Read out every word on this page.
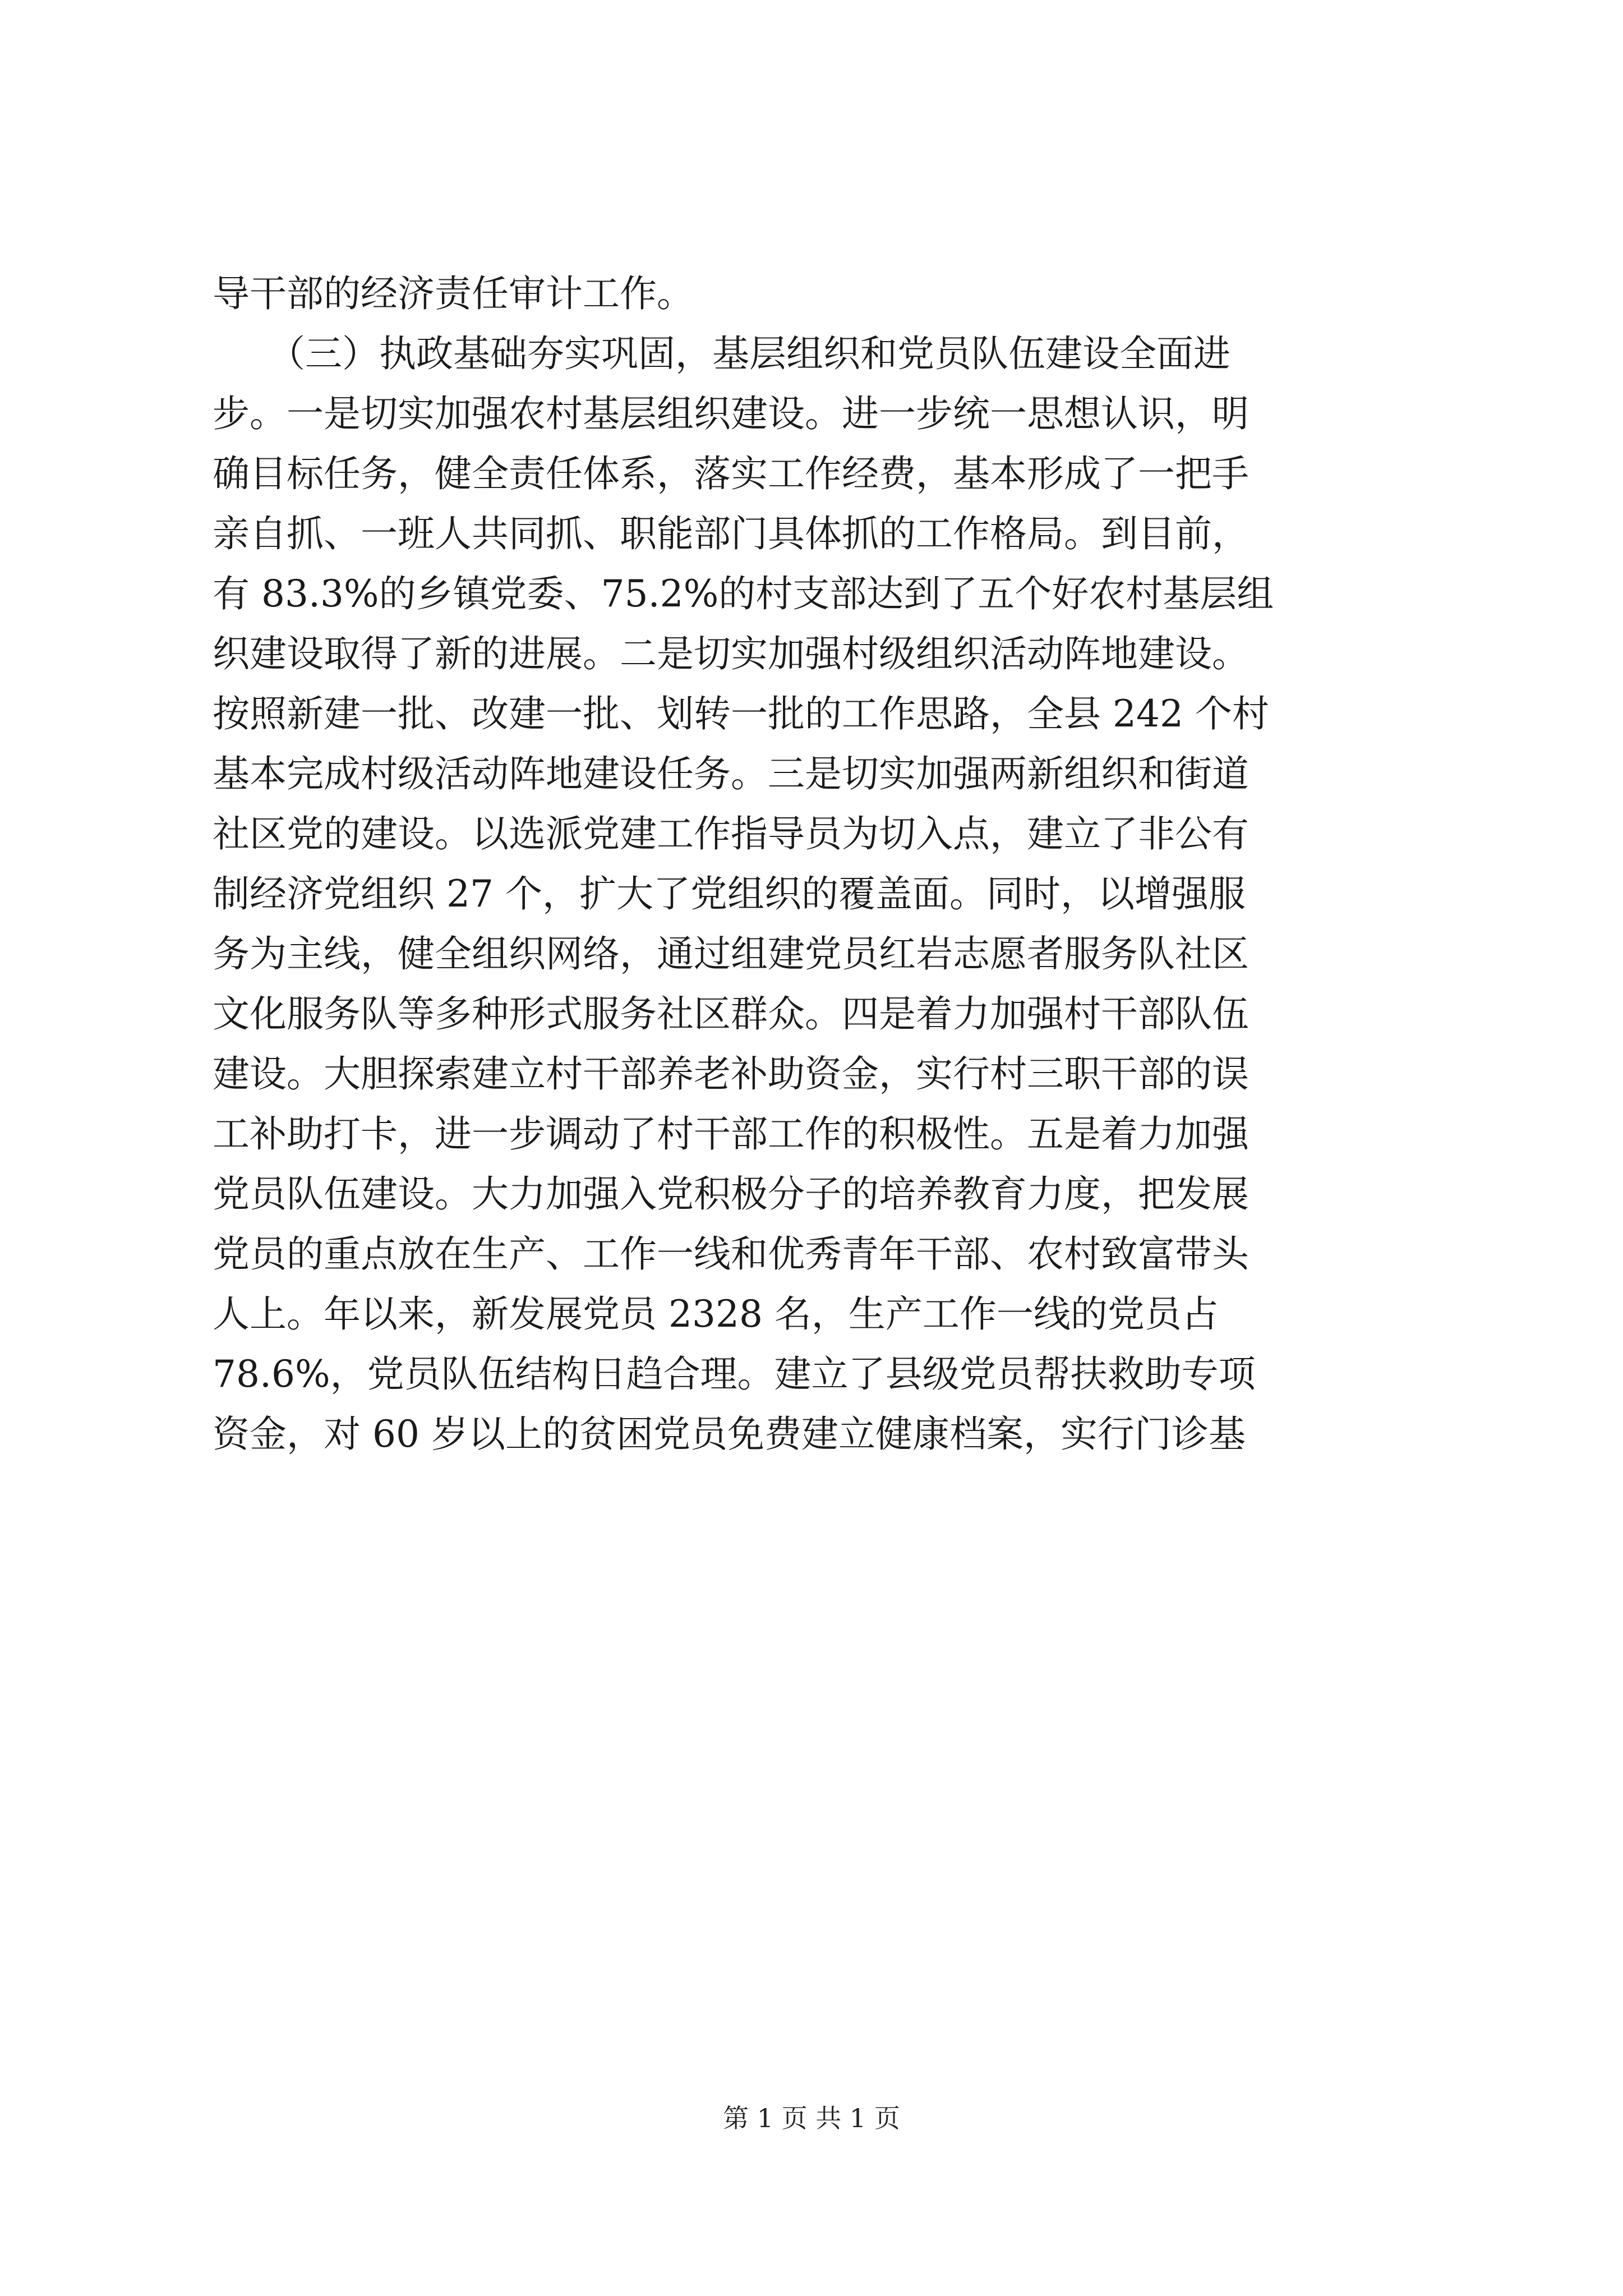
导干部的经济责任审计工作。
　　（三）执政基础夯实巩固，基层组织和党员队伍建设全面进
步。一是切实加强农村基层组织建设。进一步统一思想认识，明
确目标任务，健全责任体系，落实工作经费，基本形成了一把手
亲自抓、一班人共同抓、职能部门具体抓的工作格局。到目前，
有 83.3%的乡镇党委、75.2%的村支部达到了五个好农村基层组
织建设取得了新的进展。二是切实加强村级组织活动阵地建设。
按照新建一批、改建一批、划转一批的工作思路，全县 242 个村
基本完成村级活动阵地建设任务。三是切实加强两新组织和街道
社区党的建设。以选派党建工作指导员为切入点，建立了非公有
制经济党组织 27 个，扩大了党组织的覆盖面。同时，以增强服
务为主线，健全组织网络，通过组建党员红岩志愿者服务队社区
文化服务队等多种形式服务社区群众。四是着力加强村干部队伍
建设。大胆探索建立村干部养老补助资金，实行村三职干部的误
工补助打卡，进一步调动了村干部工作的积极性。五是着力加强
党员队伍建设。大力加强入党积极分子的培养教育力度，把发展
党员的重点放在生产、工作一线和优秀青年干部、农村致富带头
人上。年以来，新发展党员 2328 名，生产工作一线的党员占
78.6%，党员队伍结构日趋合理。建立了县级党员帮扶救助专项
资金，对 60 岁以上的贫困党员免费建立健康档案，实行门诊基
第 1 页 共 1 页
